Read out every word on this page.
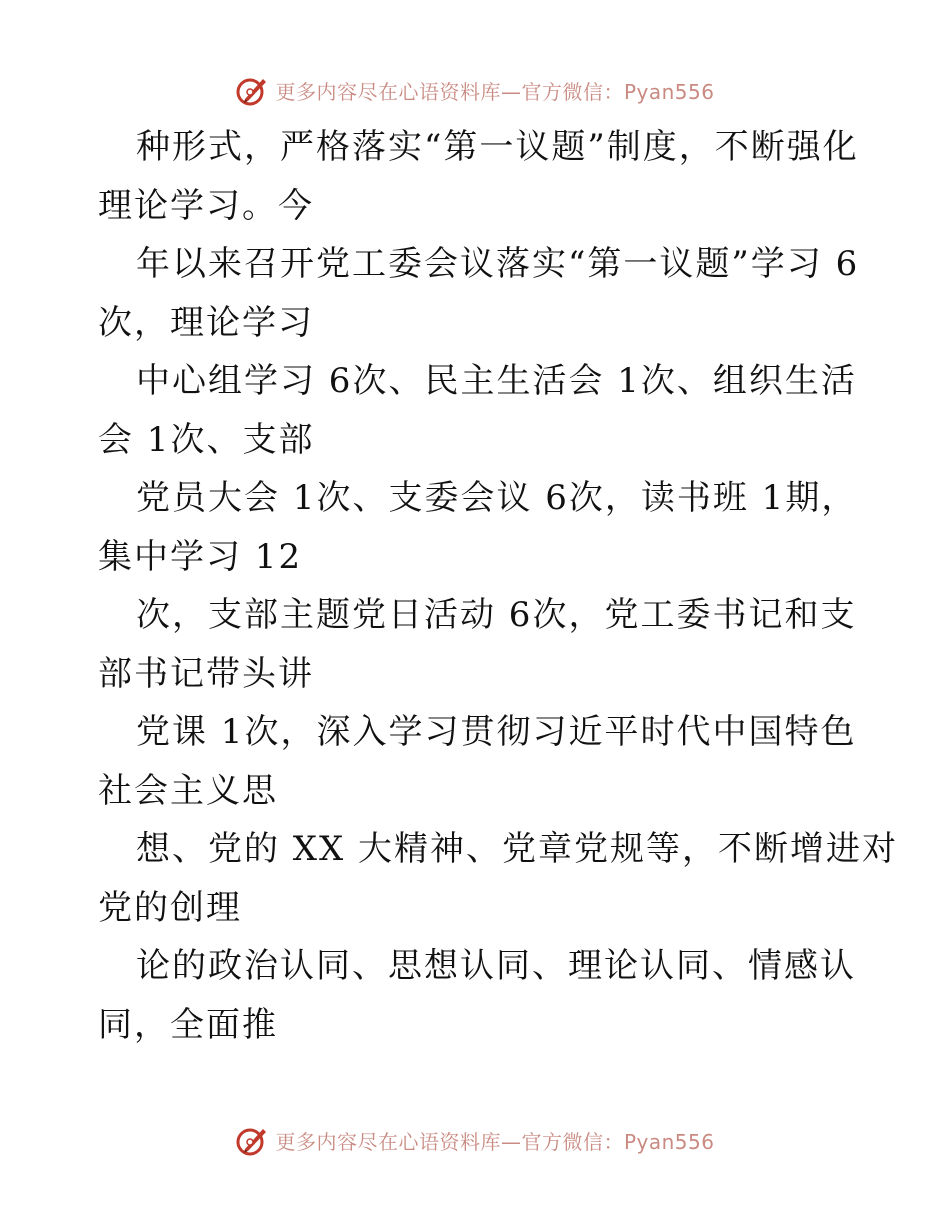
更多内容尽在心语资料库—官方微信：Pyan556
种形式，严格落实“第一议题”制度，不断强化
理论学习。今
年以来召开党工委会议落实“第一议题”学习 6
次，理论学习
中心组学习 6次、民主生活会 1次、组织生活
会 1次、支部
党员大会 1次、支委会议 6次，读书班 1期，
集中学习 12
次，支部主题党日活动 6次，党工委书记和支
部书记带头讲
党课 1次，深入学习贯彻习近平时代中国特色
社会主义思
想、党的 XX 大精神、党章党规等，不断增进对
党的创理
论的政治认同、思想认同、理论认同、情感认
同，全面推
更多内容尽在心语资料库—官方微信：Pyan556
